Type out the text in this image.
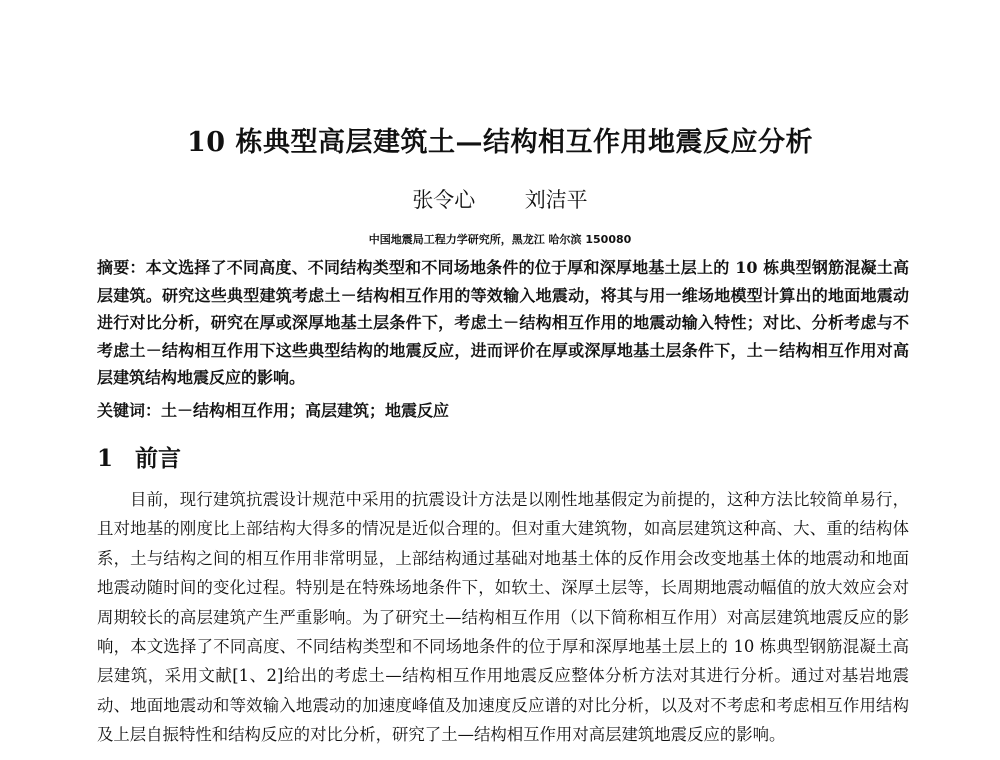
10 栋典型高层建筑土—结构相互作用地震反应分析
张令心 刘洁平
中国地震局工程力学研究所，黑龙江 哈尔滨 150080

摘要：本文选择了不同高度、不同结构类型和不同场地条件的位于厚和深厚地基土层上的 10 栋典型钢筋混凝土高层建筑。研究这些典型建筑考虑土－结构相互作用的等效输入地震动，将其与用一维场地模型计算出的地面地震动进行对比分析，研究在厚或深厚地基土层条件下，考虑土－结构相互作用的地震动输入特性；对比、分析考虑与不考虑土－结构相互作用下这些典型结构的地震反应，进而评价在厚或深厚地基土层条件下，土－结构相互作用对高层建筑结构地震反应的影响。

关键词：土－结构相互作用；高层建筑；地震反应
1 前言

目前，现行建筑抗震设计规范中采用的抗震设计方法是以刚性地基假定为前提的，这种方法比较简单易行，且对地基的刚度比上部结构大得多的情况是近似合理的。但对重大建筑物，如高层建筑这种高、大、重的结构体系，土与结构之间的相互作用非常明显，上部结构通过基础对地基土体的反作用会改变地基土体的地震动和地面地震动随时间的变化过程。特别是在特殊场地条件下，如软土、深厚土层等，长周期地震动幅值的放大效应会对周期较长的高层建筑产生严重影响。为了研究土—结构相互作用（以下简称相互作用）对高层建筑地震反应的影响，本文选择了不同高度、不同结构类型和不同场地条件的位于厚和深厚地基土层上的 10 栋典型钢筋混凝土高层建筑，采用文献[1、2]给出的考虑土—结构相互作用地震反应整体分析方法对其进行分析。通过对基岩地震动、地面地震动和等效输入地震动的加速度峰值及加速度反应谱的对比分析，以及对不考虑和考虑相互作用结构及上层自振特性和结构反应的对比分析，研究了土—结构相互作用对高层建筑地震反应的影响。
